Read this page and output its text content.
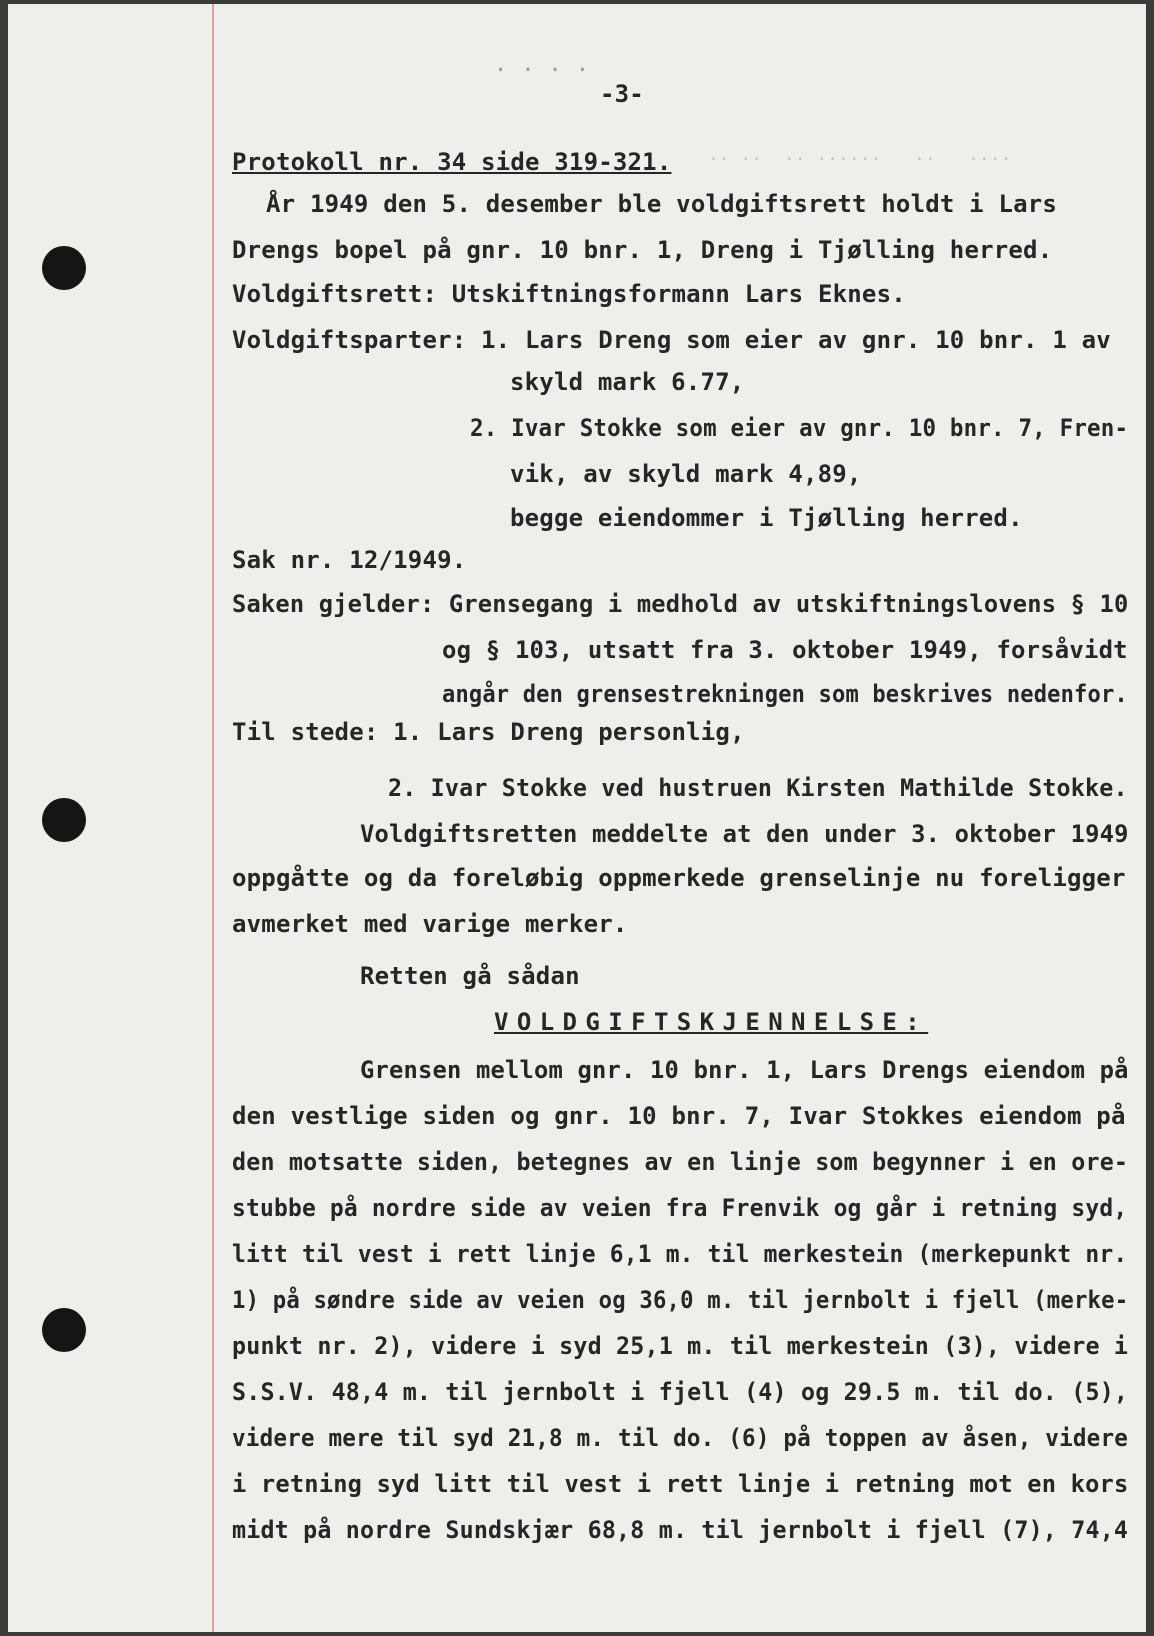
....
-3-
Protokoll nr. 34 side 319-321. .. ..  .. ......   ..   ....
År 1949 den 5. desember ble voldgiftsrett holdt i Lars
Drengs bopel på gnr. 10 bnr. 1, Dreng i Tjølling herred.
Voldgiftsrett: Utskiftningsformann Lars Eknes.
Voldgiftsparter: 1. Lars Dreng som eier av gnr. 10 bnr. 1 av
skyld mark 6.77,
2. Ivar Stokke som eier av gnr. 10 bnr. 7, Fren-
vik, av skyld mark 4,89,
begge eiendommer i Tjølling herred.
Sak nr. 12/1949.
Saken gjelder: Grensegang i medhold av utskiftningslovens § 10
og § 103, utsatt fra 3. oktober 1949, forsåvidt
angår den grensestrekningen som beskrives nedenfor.
Til stede: 1. Lars Dreng personlig,
2. Ivar Stokke ved hustruen Kirsten Mathilde Stokke.
Voldgiftsretten meddelte at den under 3. oktober 1949
oppgåtte og da foreløbig oppmerkede grenselinje nu foreligger
avmerket med varige merker.
Retten gå sådan
VOLDGIFTSKJENNELSE:
Grensen mellom gnr. 10 bnr. 1, Lars Drengs eiendom på
den vestlige siden og gnr. 10 bnr. 7, Ivar Stokkes eiendom på
den motsatte siden, betegnes av en linje som begynner i en ore-
stubbe på nordre side av veien fra Frenvik og går i retning syd,
litt til vest i rett linje 6,1 m. til merkestein (merkepunkt nr.
1) på søndre side av veien og 36,0 m. til jernbolt i fjell (merke-
punkt nr. 2), videre i syd 25,1 m. til merkestein (3), videre i
S.S.V. 48,4 m. til jernbolt i fjell (4) og 29.5 m. til do. (5),
videre mere til syd 21,8 m. til do. (6) på toppen av åsen, videre
i retning syd litt til vest i rett linje i retning mot en kors
midt på nordre Sundskjær 68,8 m. til jernbolt i fjell (7), 74,4
